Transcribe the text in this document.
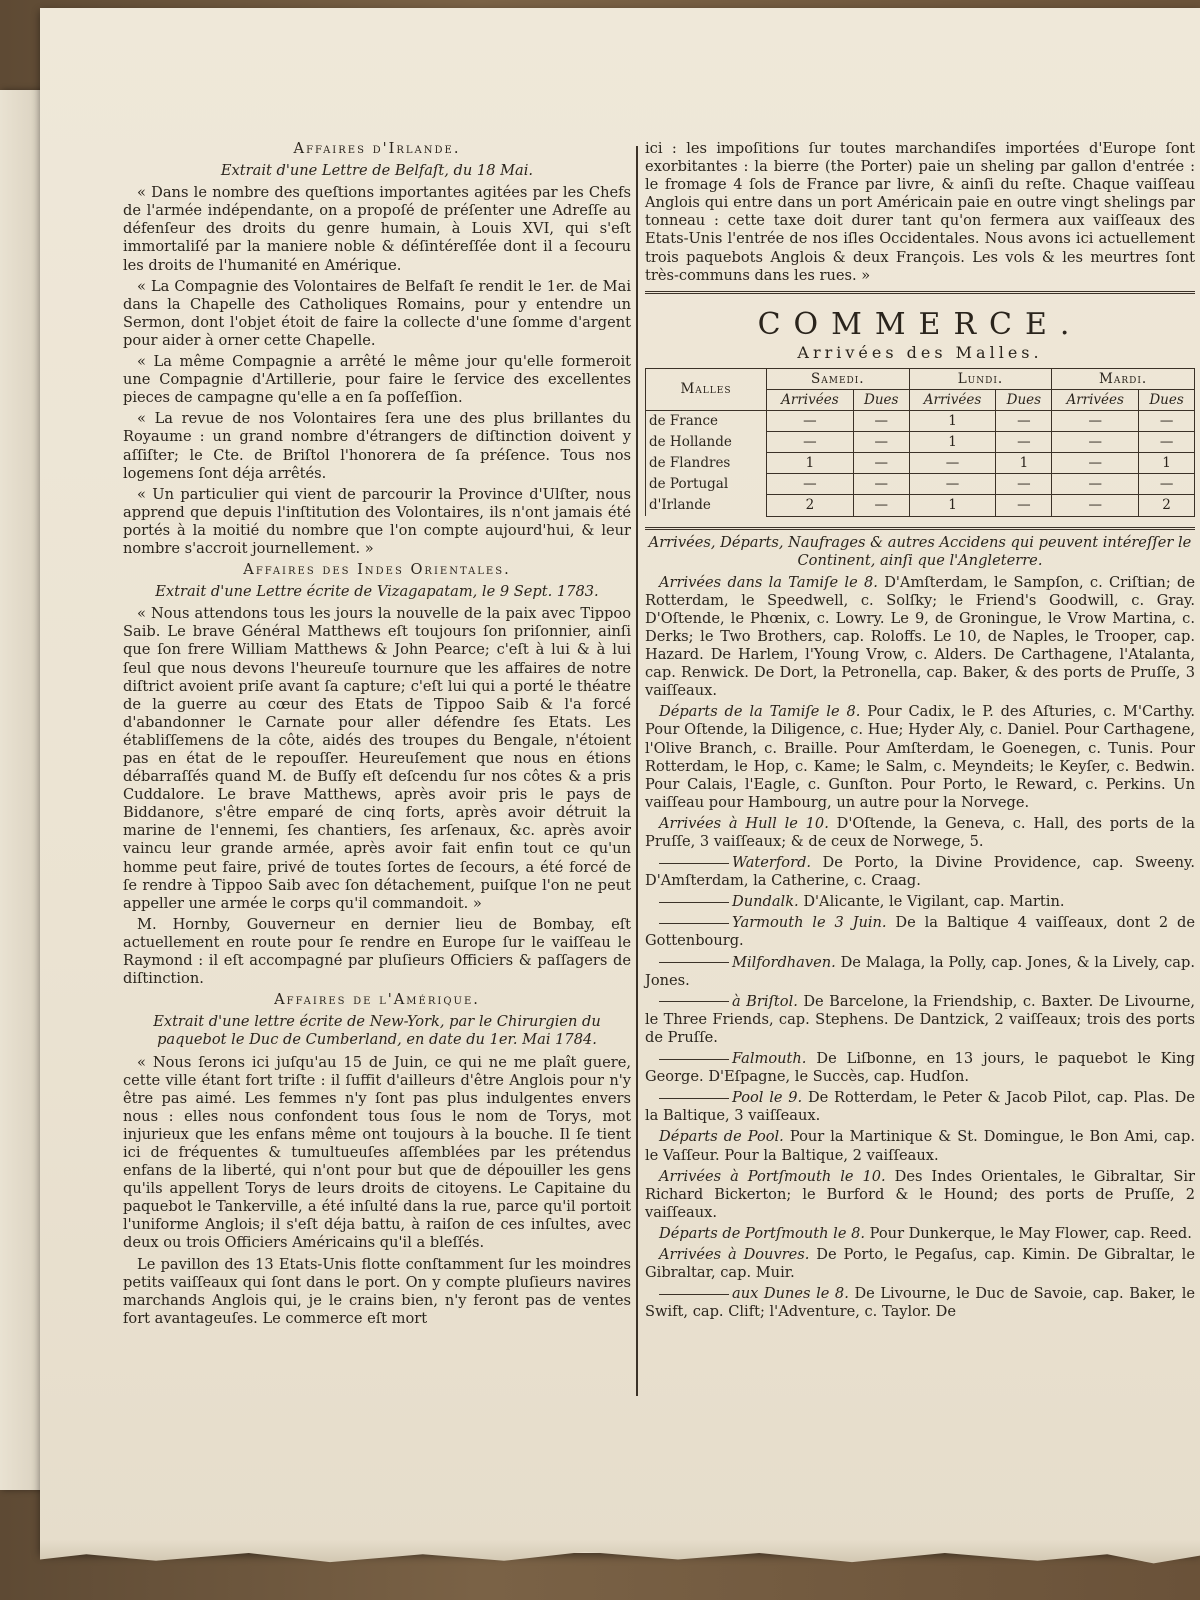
Affaires d'Irlande.
Extrait d'une Lettre de Belfaſt, du 18 Mai.

« Dans le nombre des queſtions importantes agitées par les Chefs de l'armée indépendante, on a propoſé de préſenter une Adreſſe au défenſeur des droits du genre humain, à Louis XVI, qui s'eſt immortaliſé par la maniere noble & déſintéreſſée dont il a ſecouru les droits de l'humanité en Amérique.

« La Compagnie des Volontaires de Belfaſt ſe rendit le 1er. de Mai dans la Chapelle des Catholiques Romains, pour y entendre un Sermon, dont l'objet étoit de faire la collecte d'une ſomme d'argent pour aider à orner cette Chapelle.

« La même Compagnie a arrêté le même jour qu'elle formeroit une Compagnie d'Artillerie, pour faire le ſervice des excellentes pieces de campagne qu'elle a en ſa poſſeſſion.

« La revue de nos Volontaires ſera une des plus brillantes du Royaume : un grand nombre d'étrangers de diſtinction doivent y aſſiſter; le Cte. de Briſtol l'honorera de ſa préſence. Tous nos logemens ſont déja arrêtés.

« Un particulier qui vient de parcourir la Province d'Ulſter, nous apprend que depuis l'inſtitution des Volontaires, ils n'ont jamais été portés à la moitié du nombre que l'on compte aujourd'hui, & leur nombre s'accroit journellement. »

Affaires des Indes Orientales.
Extrait d'une Lettre écrite de Vizagapatam, le 9 Sept. 1783.

« Nous attendons tous les jours la nouvelle de la paix avec Tippoo Saib. Le brave Général Matthews eſt toujours ſon priſonnier, ainſi que ſon frere William Matthews & John Pearce; c'eſt à lui & à lui ſeul que nous devons l'heureuſe tournure que les affaires de notre diſtrict avoient priſe avant ſa capture; c'eſt lui qui a porté le théatre de la guerre au cœur des Etats de Tippoo Saib & l'a forcé d'abandonner le Carnate pour aller défendre ſes Etats. Les établiſſemens de la côte, aidés des troupes du Bengale, n'étoient pas en état de le repouſſer. Heureuſement que nous en étions débarraſſés quand M. de Buſſy eſt deſcendu ſur nos côtes & a pris Cuddalore. Le brave Matthews, après avoir pris le pays de Biddanore, s'être emparé de cinq forts, après avoir détruit la marine de l'ennemi, ſes chantiers, ſes arſenaux, &c. après avoir vaincu leur grande armée, après avoir fait enfin tout ce qu'un homme peut faire, privé de toutes ſortes de ſecours, a été forcé de ſe rendre à Tippoo Saib avec ſon détachement, puiſque l'on ne peut appeller une armée le corps qu'il commandoit. »

M. Hornby, Gouverneur en dernier lieu de Bombay, eſt actuellement en route pour ſe rendre en Europe ſur le vaiſſeau le Raymond : il eſt accompagné par pluſieurs Officiers & paſſagers de diſtinction.

Affaires de l'Amérique.
Extrait d'une lettre écrite de New-York, par le Chirurgien du paquebot le Duc de Cumberland, en date du 1er. Mai 1784.

« Nous ſerons ici juſqu'au 15 de Juin, ce qui ne me plaît guere, cette ville étant fort triſte : il ſuffit d'ailleurs d'être Anglois pour n'y être pas aimé. Les femmes n'y ſont pas plus indulgentes envers nous : elles nous confondent tous ſous le nom de Torys, mot injurieux que les enfans même ont toujours à la bouche. Il ſe tient ici de fréquentes & tumultueuſes aſſemblées par les prétendus enfans de la liberté, qui n'ont pour but que de dépouiller les gens qu'ils appellent Torys de leurs droits de citoyens. Le Capitaine du paquebot le Tankerville, a été inſulté dans la rue, parce qu'il portoit l'uniforme Anglois; il s'eſt déja battu, à raiſon de ces inſultes, avec deux ou trois Officiers Américains qu'il a bleſſés.

Le pavillon des 13 Etats-Unis flotte conſtamment ſur les moindres petits vaiſſeaux qui ſont dans le port. On y compte pluſieurs navires marchands Anglois qui, je le crains bien, n'y feront pas de ventes fort avantageuſes. Le commerce eſt mort

ici : les impoſitions ſur toutes marchandiſes importées d'Europe ſont exorbitantes : la bierre (the Porter) paie un sheling par gallon d'entrée : le fromage 4 ſols de France par livre, & ainſi du reſte. Chaque vaiſſeau Anglois qui entre dans un port Américain paie en outre vingt shelings par tonneau : cette taxe doit durer tant qu'on fermera aux vaiſſeaux des Etats-Unis l'entrée de nos iſles Occidentales. Nous avons ici actuellement trois paquebots Anglois & deux François. Les vols & les meurtres ſont très-communs dans les rues. »

COMMERCE.
Arrivées des Malles.
Malles	Samedi.		Lundi.		Mardi.	
	Arrivées	Dues	Arrivées	Dues	Arrivées	Dues
de France	—	—	1	—	—	—
de Hollande	—	—	1	—	—	—
de Flandres	1	—	—	1	—	1
de Portugal	—	—	—	—	—	—
d'Irlande	2	—	1	—	—	2
Arrivées, Départs, Naufrages & autres Accidens qui peuvent intéreſſer le Continent, ainſi que l'Angleterre.

Arrivées dans la Tamiſe le 8. D'Amſterdam, le Sampſon, c. Criſtian; de Rotterdam, le Speedwell, c. Solſky; le Friend's Goodwill, c. Gray. D'Oſtende, le Phœnix, c. Lowry. Le 9, de Groningue, le Vrow Martina, c. Derks; le Two Brothers, cap. Roloffs. Le 10, de Naples, le Trooper, cap. Hazard. De Harlem, l'Young Vrow, c. Alders. De Carthagene, l'Atalanta, cap. Renwick. De Dort, la Petronella, cap. Baker, & des ports de Pruſſe, 3 vaiſſeaux.

Départs de la Tamiſe le 8. Pour Cadix, le P. des Aſturies, c. M'Carthy. Pour Oſtende, la Diligence, c. Hue; Hyder Aly, c. Daniel. Pour Carthagene, l'Olive Branch, c. Braille. Pour Amſterdam, le Goenegen, c. Tunis. Pour Rotterdam, le Hop, c. Kame; le Salm, c. Meyndeits; le Keyſer, c. Bedwin. Pour Calais, l'Eagle, c. Gunſton. Pour Porto, le Reward, c. Perkins. Un vaiſſeau pour Hambourg, un autre pour la Norvege.

Arrivées à Hull le 10. D'Oſtende, la Geneva, c. Hall, des ports de la Pruſſe, 3 vaiſſeaux; & de ceux de Norwege, 5.

Waterford. De Porto, la Divine Providence, cap. Sweeny. D'Amſterdam, la Catherine, c. Craag.

Dundalk. D'Alicante, le Vigilant, cap. Martin.

Yarmouth le 3 Juin. De la Baltique 4 vaiſſeaux, dont 2 de Gottenbourg.

Milfordhaven. De Malaga, la Polly, cap. Jones, & la Lively, cap. Jones.

à Briſtol. De Barcelone, la Friendship, c. Baxter. De Livourne, le Three Friends, cap. Stephens. De Dantzick, 2 vaiſſeaux; trois des ports de Pruſſe.

Falmouth. De Liſbonne, en 13 jours, le paquebot le King George. D'Eſpagne, le Succès, cap. Hudſon.

Pool le 9. De Rotterdam, le Peter & Jacob Pilot, cap. Plas. De la Baltique, 3 vaiſſeaux.

Départs de Pool. Pour la Martinique & St. Domingue, le Bon Ami, cap. le Vaſſeur. Pour la Baltique, 2 vaiſſeaux.

Arrivées à Portſmouth le 10. Des Indes Orientales, le Gibraltar, Sir Richard Bickerton; le Burford & le Hound; des ports de Pruſſe, 2 vaiſſeaux.

Départs de Portſmouth le 8. Pour Dunkerque, le May Flower, cap. Reed.

Arrivées à Douvres. De Porto, le Pegaſus, cap. Kimin. De Gibraltar, le Gibraltar, cap. Muir.

aux Dunes le 8. De Livourne, le Duc de Savoie, cap. Baker, le Swift, cap. Clift; l'Adventure, c. Taylor. De
